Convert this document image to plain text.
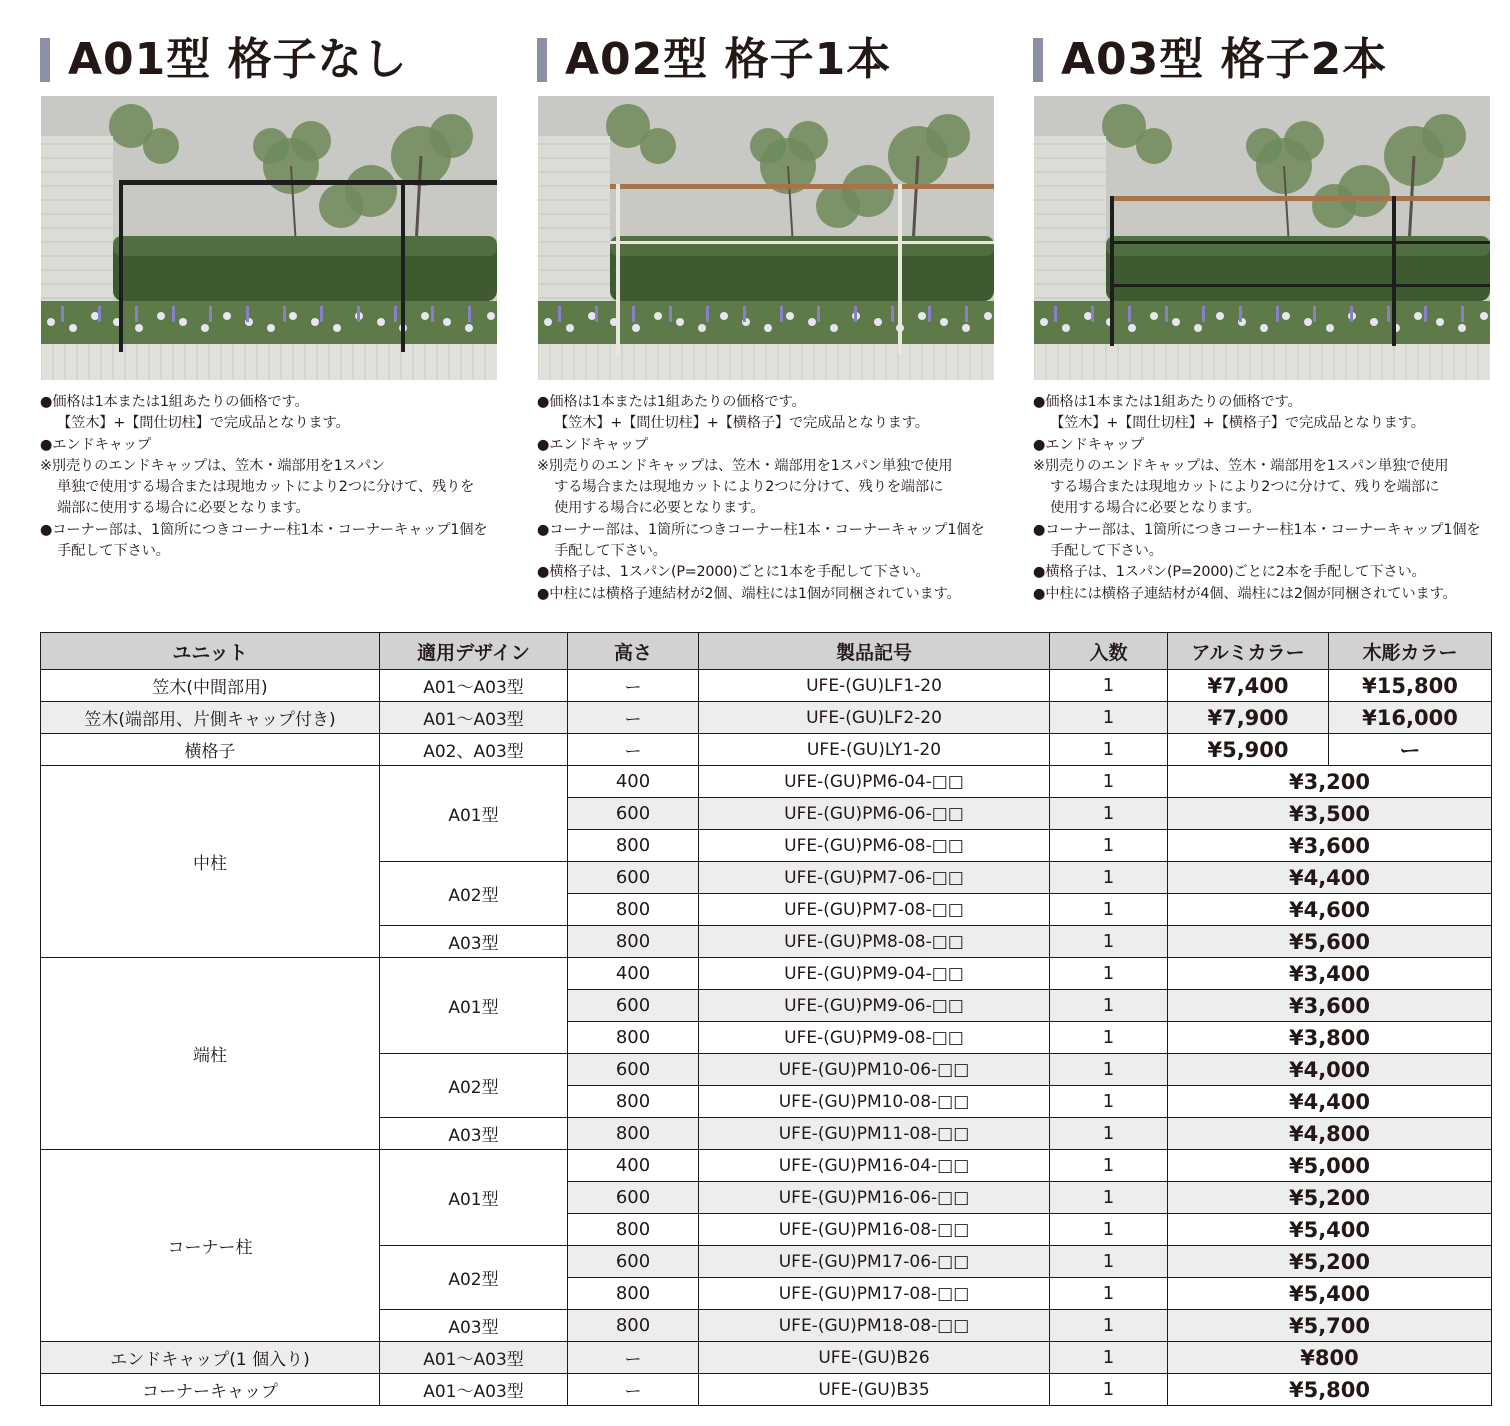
A01型 格子なし

●価格は1本または1組あたりの価格です。

【笠木】+【間仕切柱】で完成品となります。

●エンドキャップ

※別売りのエンドキャップは、笠木・端部用を1スパン

単独で使用する場合または現地カットにより2つに分けて、残りを

端部に使用する場合に必要となります。

●コーナー部は、1箇所につきコーナー柱1本・コーナーキャップ1個を

手配して下さい。

A02型 格子1本

●価格は1本または1組あたりの価格です。

【笠木】+【間仕切柱】+【横格子】で完成品となります。

●エンドキャップ

※別売りのエンドキャップは、笠木・端部用を1スパン単独で使用

する場合または現地カットにより2つに分けて、残りを端部に

使用する場合に必要となります。

●コーナー部は、1箇所につきコーナー柱1本・コーナーキャップ1個を

手配して下さい。

●横格子は、1スパン(P=2000)ごとに1本を手配して下さい。

●中柱には横格子連結材が2個、端柱には1個が同梱されています。

A03型 格子2本

●価格は1本または1組あたりの価格です。

【笠木】+【間仕切柱】+【横格子】で完成品となります。

●エンドキャップ

※別売りのエンドキャップは、笠木・端部用を1スパン単独で使用

する場合または現地カットにより2つに分けて、残りを端部に

使用する場合に必要となります。

●コーナー部は、1箇所につきコーナー柱1本・コーナーキャップ1個を

手配して下さい。

●横格子は、1スパン(P=2000)ごとに2本を手配して下さい。

●中柱には横格子連結材が4個、端柱には2個が同梱されています。

ユニット	適用デザイン	高さ	製品記号	入数	アルミカラー	木彫カラー
笠木(中間部用)	A01〜A03型	ー	UFE-(GU)LF1-20	1	¥7,400	¥15,800
笠木(端部用、片側キャップ付き)	A01〜A03型	ー	UFE-(GU)LF2-20	1	¥7,900	¥16,000
横格子	A02、A03型	ー	UFE-(GU)LY1-20	1	¥5,900	ー
中柱	A01型	400	UFE-(GU)PM6-04-□□	1	¥3,200	
		600	UFE-(GU)PM6-06-□□	1	¥3,500	
		800	UFE-(GU)PM6-08-□□	1	¥3,600	
	A02型	600	UFE-(GU)PM7-06-□□	1	¥4,400	
		800	UFE-(GU)PM7-08-□□	1	¥4,600	
	A03型	800	UFE-(GU)PM8-08-□□	1	¥5,600	
端柱	A01型	400	UFE-(GU)PM9-04-□□	1	¥3,400	
		600	UFE-(GU)PM9-06-□□	1	¥3,600	
		800	UFE-(GU)PM9-08-□□	1	¥3,800	
	A02型	600	UFE-(GU)PM10-06-□□	1	¥4,000	
		800	UFE-(GU)PM10-08-□□	1	¥4,400	
	A03型	800	UFE-(GU)PM11-08-□□	1	¥4,800	
コーナー柱	A01型	400	UFE-(GU)PM16-04-□□	1	¥5,000	
		600	UFE-(GU)PM16-06-□□	1	¥5,200	
		800	UFE-(GU)PM16-08-□□	1	¥5,400	
	A02型	600	UFE-(GU)PM17-06-□□	1	¥5,200	
		800	UFE-(GU)PM17-08-□□	1	¥5,400	
	A03型	800	UFE-(GU)PM18-08-□□	1	¥5,700	
エンドキャップ(1 個入り)	A01〜A03型	ー	UFE-(GU)B26	1	¥800	
コーナーキャップ	A01〜A03型	ー	UFE-(GU)B35	1	¥5,800	
